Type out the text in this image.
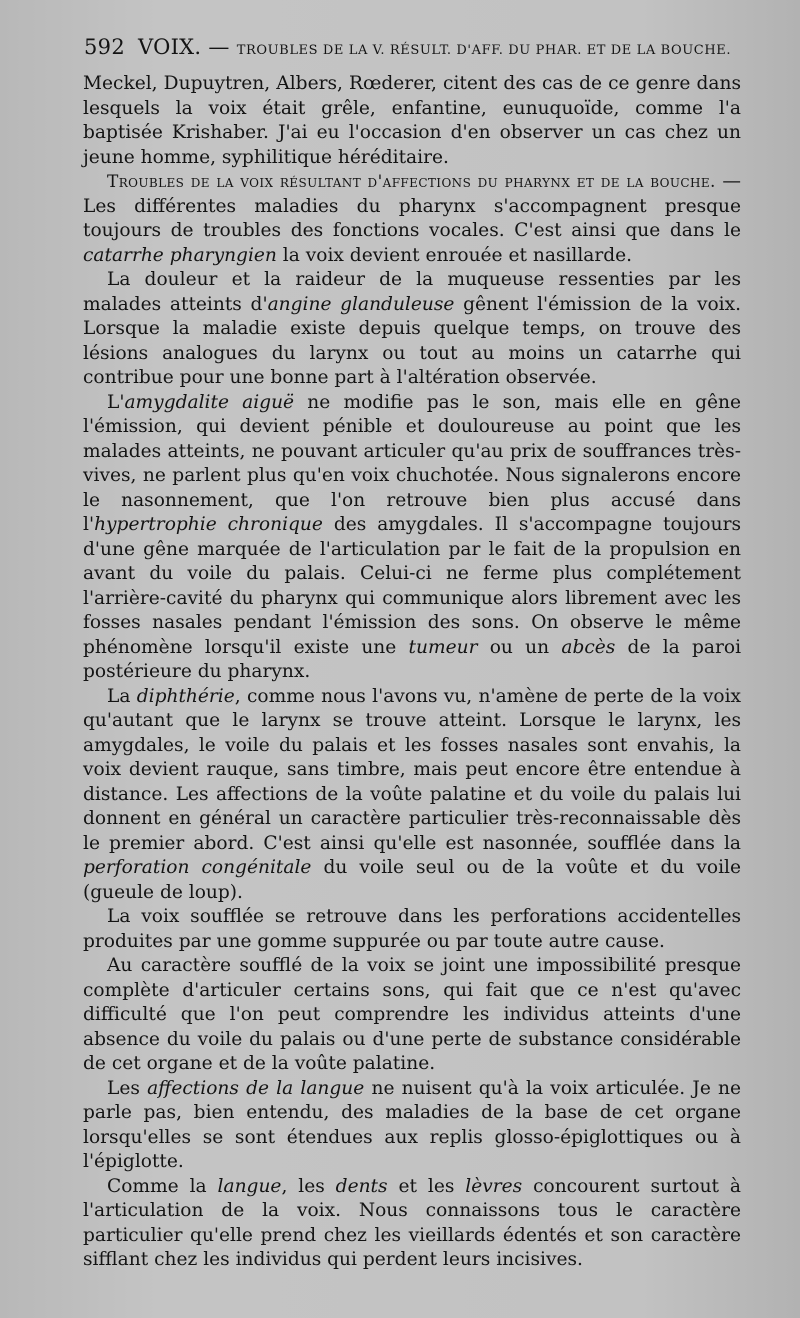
592 VOIX. — TROUBLES DE LA V. RÉSULT. D'AFF. DU PHAR. ET DE LA BOUCHE.

Meckel, Dupuytren, Albers, Rœderer, citent des cas de ce genre dans lesquels la voix était grêle, enfantine, eunuquoïde, comme l'a baptisée Krishaber. J'ai eu l'occasion d'en observer un cas chez un jeune homme, syphilitique héréditaire.

Troubles de la voix résultant d'affections du pharynx et de la bouche. — Les différentes maladies du pharynx s'accompagnent presque toujours de troubles des fonctions vocales. C'est ainsi que dans le catarrhe pharyngien la voix devient enrouée et nasillarde.

La douleur et la raideur de la muqueuse ressenties par les malades atteints d'angine glanduleuse gênent l'émission de la voix. Lorsque la maladie existe depuis quelque temps, on trouve des lésions analogues du larynx ou tout au moins un catarrhe qui contribue pour une bonne part à l'altération observée.

L'amygdalite aiguë ne modifie pas le son, mais elle en gêne l'émission, qui devient pénible et douloureuse au point que les malades atteints, ne pouvant articuler qu'au prix de souffrances très-vives, ne parlent plus qu'en voix chuchotée. Nous signalerons encore le nasonnement, que l'on retrouve bien plus accusé dans l'hypertrophie chronique des amygdales. Il s'accompagne toujours d'une gêne marquée de l'articulation par le fait de la propulsion en avant du voile du palais. Celui-ci ne ferme plus complétement l'arrière-cavité du pharynx qui communique alors librement avec les fosses nasales pendant l'émission des sons. On observe le même phénomène lorsqu'il existe une tumeur ou un abcès de la paroi postérieure du pharynx.

La diphthérie, comme nous l'avons vu, n'amène de perte de la voix qu'autant que le larynx se trouve atteint. Lorsque le larynx, les amygdales, le voile du palais et les fosses nasales sont envahis, la voix devient rauque, sans timbre, mais peut encore être entendue à distance. Les affections de la voûte palatine et du voile du palais lui donnent en général un caractère particulier très-reconnaissable dès le premier abord. C'est ainsi qu'elle est nasonnée, soufflée dans la perforation congénitale du voile seul ou de la voûte et du voile (gueule de loup).

La voix soufflée se retrouve dans les perforations accidentelles produites par une gomme suppurée ou par toute autre cause.

Au caractère soufflé de la voix se joint une impossibilité presque complète d'articuler certains sons, qui fait que ce n'est qu'avec difficulté que l'on peut comprendre les individus atteints d'une absence du voile du palais ou d'une perte de substance considérable de cet organe et de la voûte palatine.

Les affections de la langue ne nuisent qu'à la voix articulée. Je ne parle pas, bien entendu, des maladies de la base de cet organe lorsqu'elles se sont étendues aux replis glosso-épiglottiques ou à l'épiglotte.

Comme la langue, les dents et les lèvres concourent surtout à l'articulation de la voix. Nous connaissons tous le caractère particulier qu'elle prend chez les vieillards édentés et son caractère sifflant chez les individus qui perdent leurs incisives.
